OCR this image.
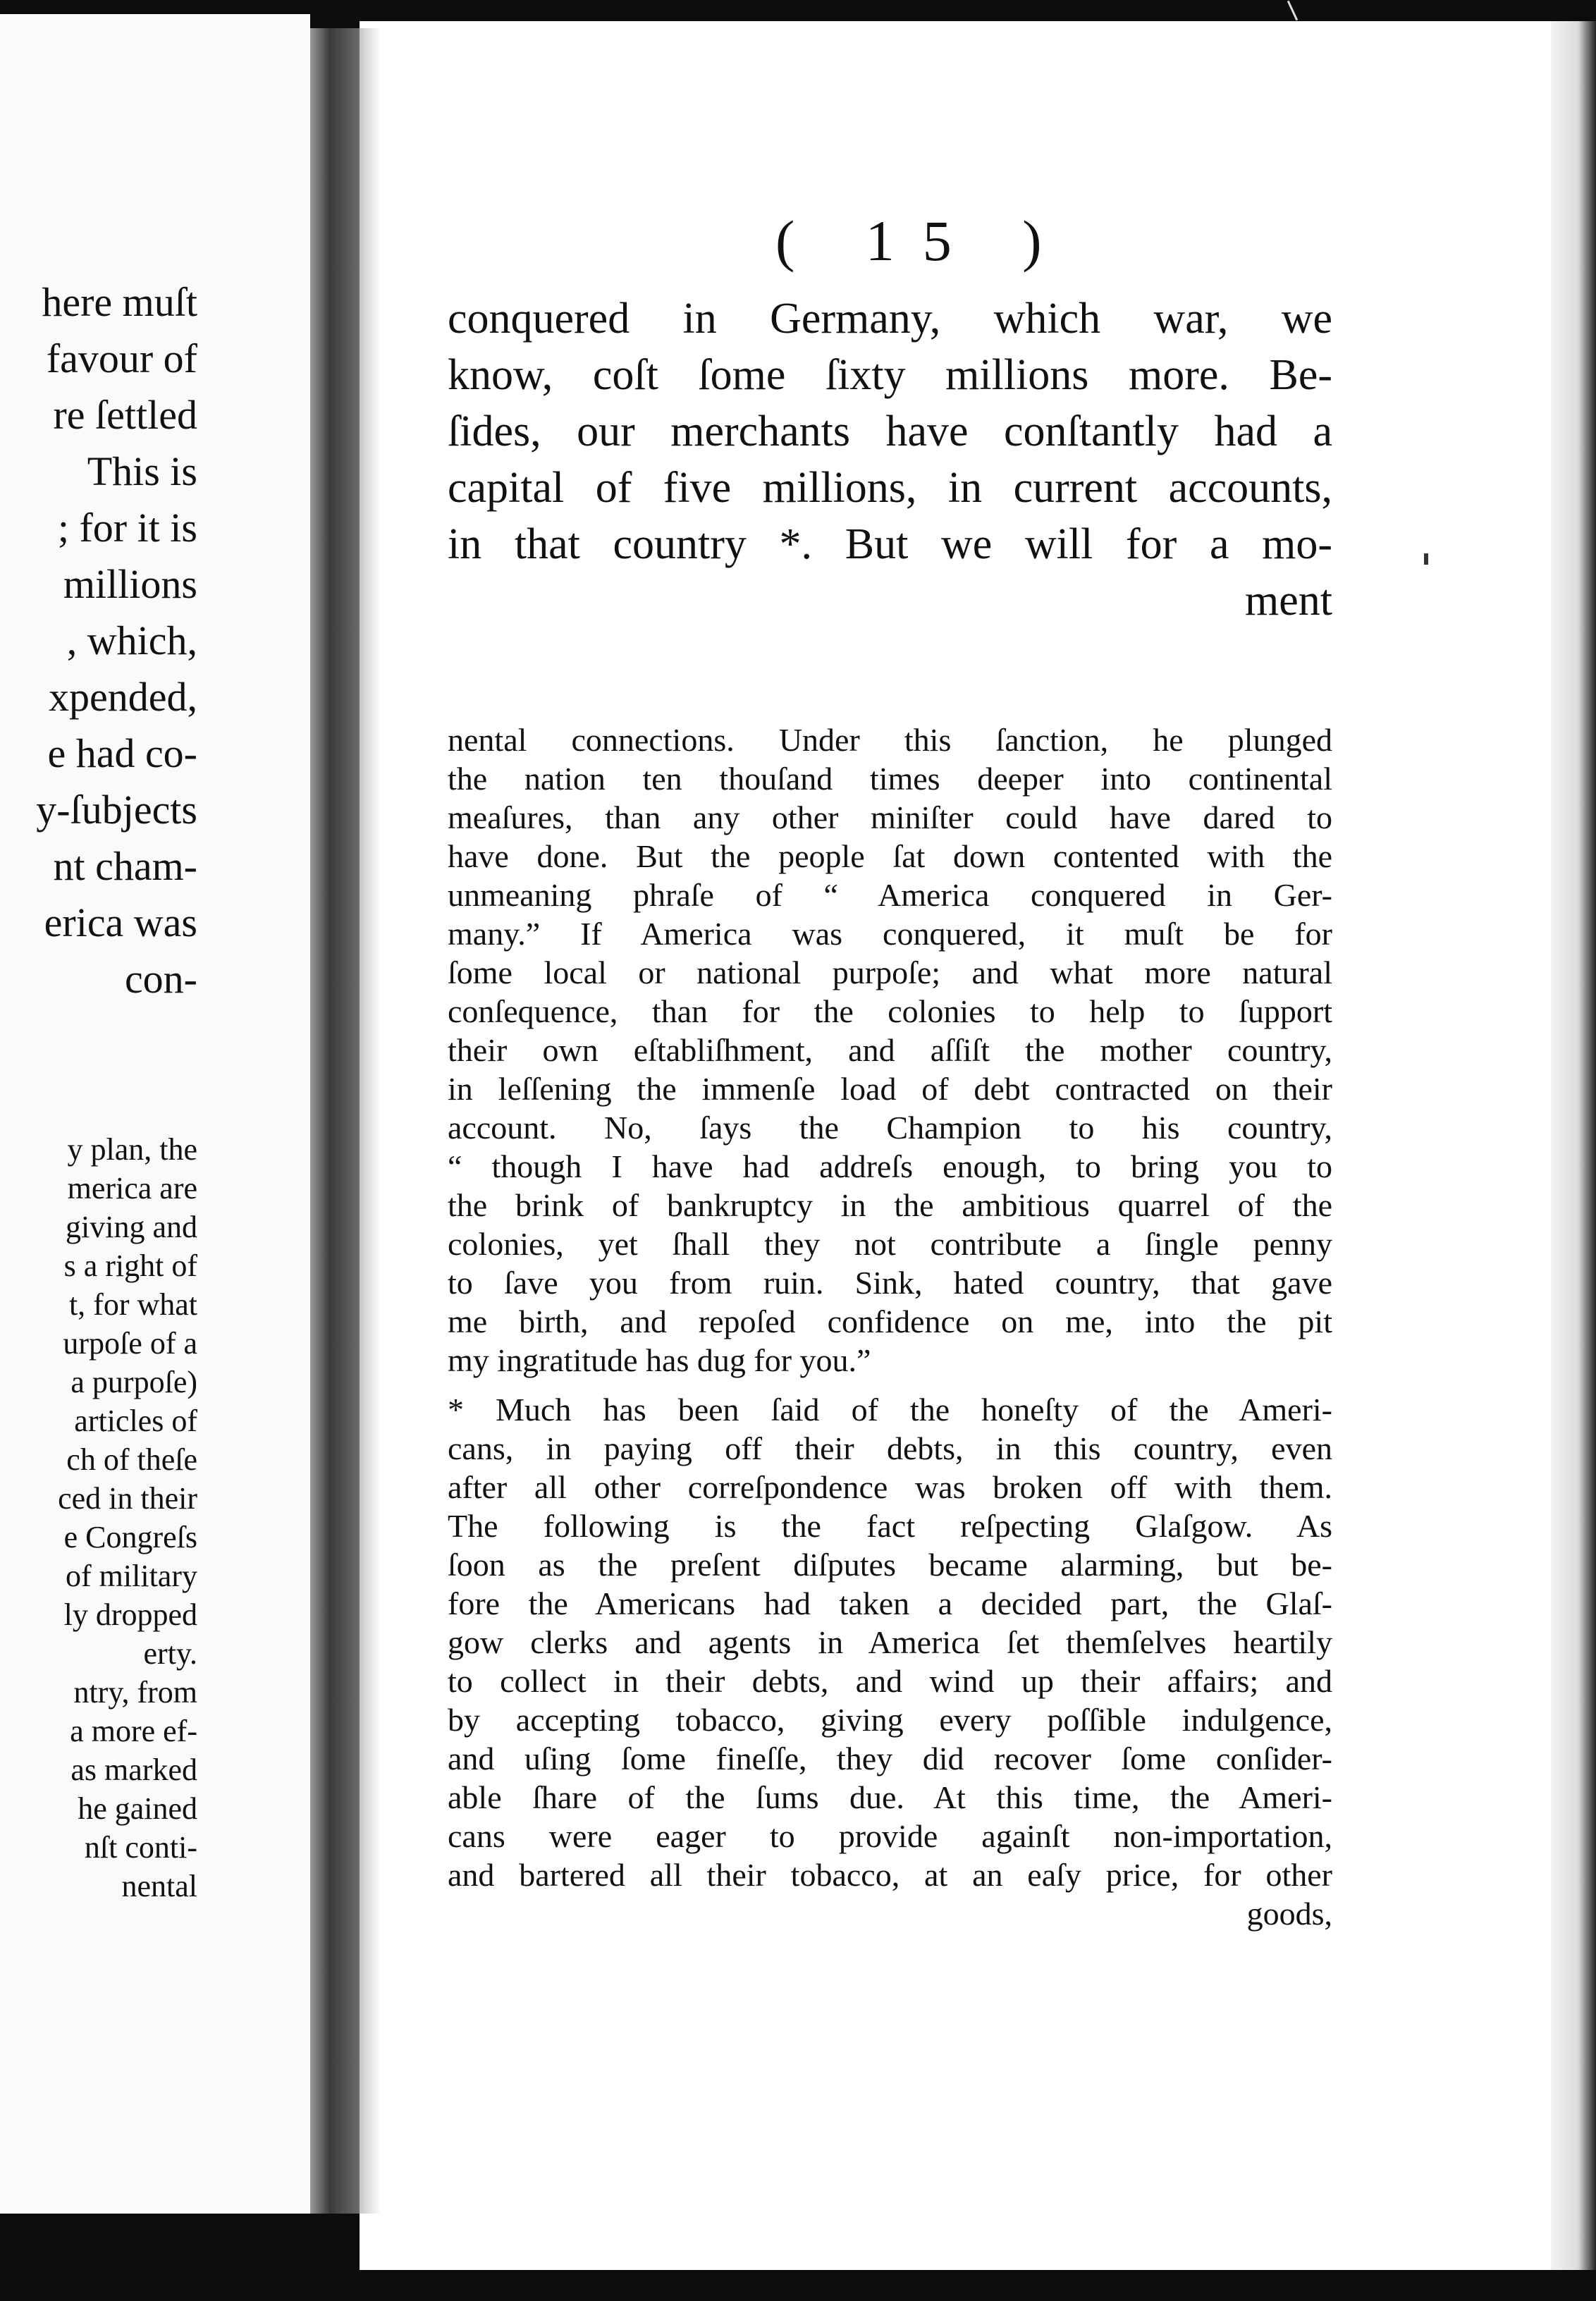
here muſt
favour of
re ſettled
This is
; for it is
millions
, which,
xpended,
e had co-
y-ſubjects
nt cham-
erica was
con-
y plan, the
merica are
giving and
s a right of
t, for what
urpoſe of a
a purpoſe)
articles of
ch of theſe
ced in their
e Congreſs
of military
ly dropped
erty.
ntry, from
a more ef-
as marked
he gained
nſt conti-
nental
( 15 )
conquered in Germany, which war, we
know, coſt ſome ſixty millions more. Be-
ſides, our merchants have conſtantly had a
capital of five millions, in current accounts,
in that country *. But we will for a mo-
ment
nental connections. Under this ſanction, he plunged
the nation ten thouſand times deeper into continental
meaſures, than any other miniſter could have dared to
have done. But the people ſat down contented with the
unmeaning phraſe of “ America conquered in Ger-
many.” If America was conquered, it muſt be for
ſome local or national purpoſe; and what more natural
conſequence, than for the colonies to help to ſupport
their own eſtabliſhment, and aſſiſt the mother country,
in leſſening the immenſe load of debt contracted on their
account. No, ſays the Champion to his country,
“ though I have had addreſs enough, to bring you to
the brink of bankruptcy in the ambitious quarrel of the
colonies, yet ſhall they not contribute a ſingle penny
to ſave you from ruin. Sink, hated country, that gave
me birth, and repoſed confidence on me, into the pit
my ingratitude has dug for you.”
* Much has been ſaid of the honeſty of the Ameri-
cans, in paying off their debts, in this country, even
after all other correſpondence was broken off with them.
The following is the fact reſpecting Glaſgow. As
ſoon as the preſent diſputes became alarming, but be-
fore the Americans had taken a decided part, the Glaſ-
gow clerks and agents in America ſet themſelves heartily
to collect in their debts, and wind up their affairs; and
by accepting tobacco, giving every poſſible indulgence,
and uſing ſome fineſſe, they did recover ſome conſider-
able ſhare of the ſums due. At this time, the Ameri-
cans were eager to provide againſt non-importation,
and bartered all their tobacco, at an eaſy price, for other
goods,
